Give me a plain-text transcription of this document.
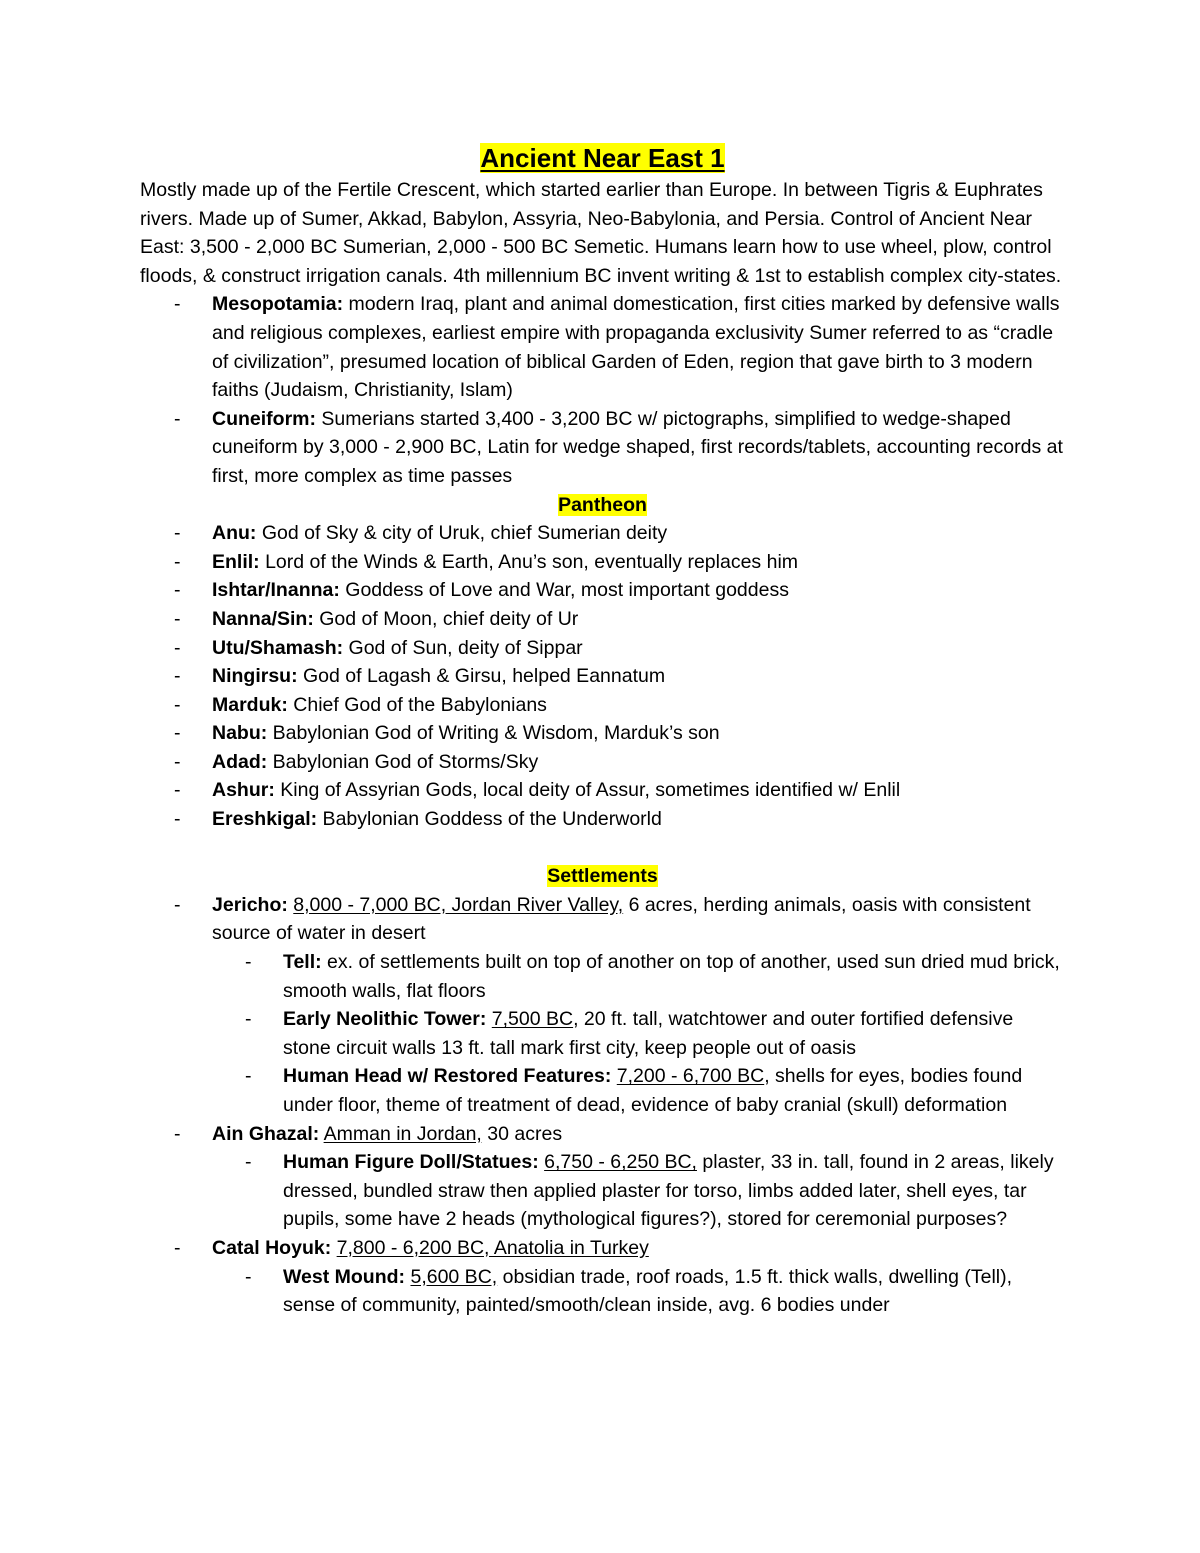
Ancient Near East 1

Mostly made up of the Fertile Crescent, which started earlier than Europe. In between Tigris & Euphrates rivers. Made up of Sumer, Akkad, Babylon, Assyria, Neo-Babylonia, and Persia. Control of Ancient Near East: 3,500 - 2,000 BC Sumerian, 2,000 - 500 BC Semetic. Humans learn how to use wheel, plow, control floods, & construct irrigation canals. 4th millennium BC invent writing & 1st to establish complex city-states.

- Mesopotamia: modern Iraq, plant and animal domestication, first cities marked by defensive walls and religious complexes, earliest empire with propaganda exclusivity Sumer referred to as “cradle of civilization”, presumed location of biblical Garden of Eden, region that gave birth to 3 modern faiths (Judaism, Christianity, Islam)
- Cuneiform: Sumerians started 3,400 - 3,200 BC w/ pictographs, simplified to wedge-shaped cuneiform by 3,000 - 2,900 BC, Latin for wedge shaped, first records/tablets, accounting records at first, more complex as time passes
Pantheon
- Anu: God of Sky & city of Uruk, chief Sumerian deity
- Enlil: Lord of the Winds & Earth, Anu’s son, eventually replaces him
- Ishtar/Inanna: Goddess of Love and War, most important goddess
- Nanna/Sin: God of Moon, chief deity of Ur
- Utu/Shamash: God of Sun, deity of Sippar
- Ningirsu: God of Lagash & Girsu, helped Eannatum
- Marduk: Chief God of the Babylonians
- Nabu: Babylonian God of Writing & Wisdom, Marduk’s son
- Adad: Babylonian God of Storms/Sky
- Ashur: King of Assyrian Gods, local deity of Assur, sometimes identified w/ Enlil
- Ereshkigal: Babylonian Goddess of the Underworld
Settlements
- Jericho: 8,000 - 7,000 BC, Jordan River Valley, 6 acres, herding animals, oasis with consistent source of water in desert
- Tell: ex. of settlements built on top of another on top of another, used sun dried mud brick, smooth walls, flat floors
- Early Neolithic Tower: 7,500 BC, 20 ft. tall, watchtower and outer fortified defensive stone circuit walls 13 ft. tall mark first city, keep people out of oasis
- Human Head w/ Restored Features: 7,200 - 6,700 BC, shells for eyes, bodies found under floor, theme of treatment of dead, evidence of baby cranial (skull) deformation
- Ain Ghazal: Amman in Jordan, 30 acres
- Human Figure Doll/Statues: 6,750 - 6,250 BC, plaster, 33 in. tall, found in 2 areas, likely dressed, bundled straw then applied plaster for torso, limbs added later, shell eyes, tar pupils, some have 2 heads (mythological figures?), stored for ceremonial purposes?
- Catal Hoyuk: 7,800 - 6,200 BC, Anatolia in Turkey
- West Mound: 5,600 BC, obsidian trade, roof roads, 1.5 ft. thick walls, dwelling (Tell), sense of community, painted/smooth/clean inside, avg. 6 bodies under
